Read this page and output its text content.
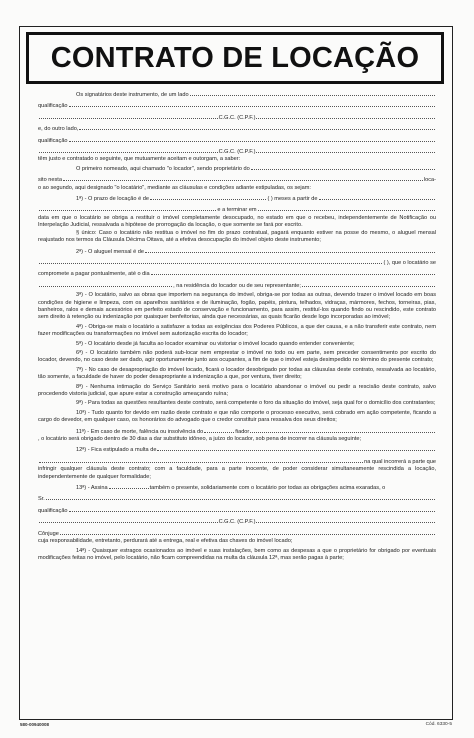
CONTRATO DE LOCAÇÃO
Os signatários deste instrumento, de um lado
qualificação
C.G.C. (C.P.F.)
e, do outro lado,
qualificação
C.G.C. (C.P.F.)
têm justo e contratado o seguinte, que mutuamente aceitam e outorgam, a saber:
O primeiro nomeado, aqui chamado "o locador", sendo proprietário do
sito nesta	loca-
o ao segundo, aqui designado "o locatário", mediante as cláusulas e condições adiante estipuladas, os sejam:
1ª) - O prazo de locação é de	( ) meses a partir de
e a terminar em
data em que o locatário se obriga a restituir o imóvel completamente desocupado, no estado em que o recebeu, independentemente de Notificação ou Interpelação Judicial, ressalvada a hipótese de prorrogação da locação, o que somente se fará por escrito.
§ único: Caso o locatário não restitua o imóvel no fim do prazo contratual, pagará enquanto estiver na posse do mesmo, o aluguel mensal reajustado nos termos da Cláusula Décima Oitava, até a efetiva desocupação do imóvel objeto deste instrumento;
2ª) - O aluguel mensal é de
( ), que o locatário se
compromete a pagar pontualmente, até o dia
, na residência do locador ou de seu representante;
3ª) - O locatário, salvo as obras que importem na segurança do imóvel, obriga-se por todas as outras, devendo trazer o imóvel locado em boas condições de higiene e limpeza, com os aparelhos sanitários e de iluminação, fogão, papéis, pintura, telhados, vidraças, mármores, fechos, torneiras, pias, banheiros, ralos e demais acessórios em perfeito estado de conservação e funcionamento, para assim, restituí-los quando findo ou rescindido, este contrato sem direito à retenção ou indenização por quaisquer benfeitorias, ainda que necessárias, as quais ficarão desde logo incorporadas ao imóvel;
4ª) - Obriga-se mais o locatário a satisfazer a todas as exigências dos Poderes Públicos, a que der causa, e a não transferir este contrato, nem fazer modificações ou transformações no imóvel sem autorização escrita do locador;
5ª) - O locatário desde já faculta ao locador examinar ou vistoriar o imóvel locado quando entender conveniente;
6ª) - O locatário também não poderá sub-locar nem emprestar o imóvel no todo ou em parte, sem preceder consentimento por escrito do locador, devendo, no caso deste ser dado, agir oportunamente junto aos ocupantes, a fim de que o imóvel esteja desimpedido no término do presente contrato;
7ª) - No caso de desapropriação do imóvel locado, ficará o locador desobrigado por todas as cláusulas deste contrato, ressalvada ao locatário, tão somente, a faculdade de haver do poder desapropriante a indenização a que, por ventura, tiver direito;
8ª) - Nenhuma intimação do Serviço Sanitário será motivo para o locatário abandonar o imóvel ou pedir a rescisão deste contrato, salvo procedendo vistoria judicial, que apure estar a construção ameaçando ruína;
9ª) - Para todas as questões resultantes deste contrato, será competente o foro da situação do imóvel, seja qual for o domicílio dos contratantes;
10ª) - Tudo quanto for devido em razão deste contrato e que não comporte o processo executivo, será cobrado em ação competente, ficando a cargo do devedor, em qualquer caso, os honorários do advogado que o credor constituir para ressalva dos seus direitos;
11ª) - Em caso de morte, falência ou insolvência do	fiador
, o locatário será obrigado dentro de 30 dias a dar substituto idôneo, a juízo do locador, sob pena de incorrer na cláusula seguinte;
12ª) - Fica estipulado a multa de
na qual incorrerá a parte que
infringir qualquer cláusula deste contrato; com a faculdade, para a parte inocente, de poder considerar simultaneamente rescindida a locação, independentemente de qualquer formalidade;
13ª) - Assina	também o presente, solidariamente com o locatário por todas as obrigações acima exaradas, o
Sr.
qualificação
C.G.C. (C.P.F.)
Cônjuge
cuja responsabilidade, entretanto, perdurará até a entrega, real e efetiva das chaves do imóvel locado;
14ª) - Quaisquer estragos ocasionados ao imóvel e suas instalações, bem como as despesas a que o proprietário for obrigado por eventuais modificações feitas no imóvel, pelo locatário, não ficam compreendidas na multa da cláusula 12ª, mas serão pagas à parte;
580-00940008	Cód. 6330-5
